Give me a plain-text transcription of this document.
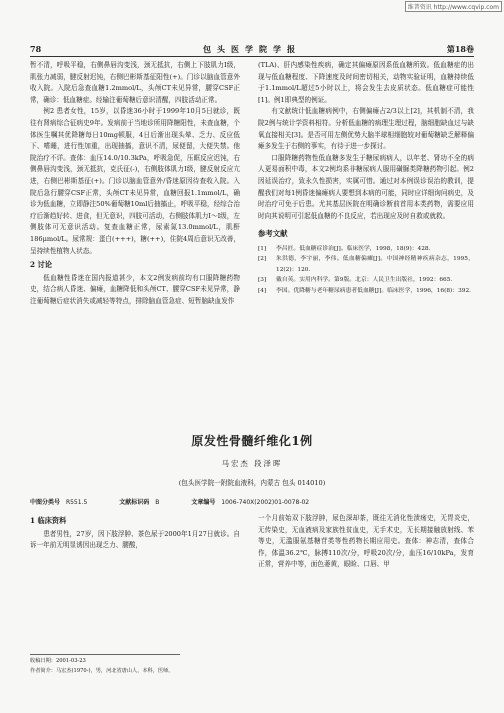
维普资讯 http://www.cqvip.com
78	包头医学院学报	第18卷

暂不清，呼吸平稳，右侧鼻唇沟变浅，颈无抵抗，右侧上下肢肌力Ⅰ级，肌张力减弱，腱反射迟钝，右侧巴彬斯基征阳性(+)。门诊以脑血管意外收入院。入院后急查血糖1.2mmol/L，头颅CT未见异常，腰穿CSF正常，确诊：低血糖症。经输注葡萄糖后意识清醒，四肢活动正常。

例2 患者女性，15岁，以昏迷36小时于1999年10月5日就诊，既往有肾病综合征病史9年。发病前于当地诊所用降糖阳性，未查血糖，个体医生嘱其优降糖每日10mg顿服，4日后渐出现头晕、乏力、反应低下、嗜睡，进行性加重，出现抽搐，意识不清，尿便留，大便失禁。他院治疗不详。查体：血压14.0/10.3kPa，呼吸急促，压眶反应迟钝，右侧鼻唇沟变浅，颈无抵抗，克氏征(-)，右侧肢体肌力Ⅰ级，腱反射反应亢进，右侧巴彬斯基征(+)。门诊以脑血管意外/昏迷原因待查收入院。入院后急行腰穿CSF正常，头颅CT未见异常，血糖回报1.1mmol/L，确诊为低血糖，立即静注50%葡萄糖10ml后抽搐止，呼吸平稳，经综合治疗后渐趋好转、进食，但无意识，四肢可活动，右侧肢体肌力Ⅰ～Ⅰ级，左侧肢体可无意识活动。复查血糖正常，尿素氮13.0mmol/L，肌酐186μmol/L。尿常规：蛋白(+++)，糖(++)，住院4周后意识无改善，呈持续性植物人状态。

2 讨论

低血糖性昏迷在国内报道甚少，本文2例发病前均有口服降糖药物史，结合病人昏迷、偏瘫，血糖降低和头颅CT、腰穿CSF未见异常，静注葡萄糖后症状消失或减轻等特点，排除脑血管急症、短暂脑缺血发作

(TLA)、肝内感染性疾病，确定其偏瘫原因系低血糖所致。低血糖症的出现与低血糖程度、下降速度及时间密切相关，动物实验证明，血糖持续低于1.1mmol/L超过5小时以上，将会发生去皮质状态。低血糖症可能性[1]。例1即典型的例证。

有文献统计低血糖病例中，右侧偏瘫占2/3以上[2]，其机制不清，我院2例与统计学资料相符。分析低血糖的病理生理过程，脑细胞缺血过与缺氧直接相关[3]。是否可用左侧优势大脑半球相细胞较对葡萄糖缺乏解释偏瘫多发生于右侧的事实，有待于进一步探讨。

口服降糖药物性低血糖多发生于糖尿病病人，以年老、肾功不全的病人更易面积中毒，本文2例均系非糖尿病人服用磺脲类降糖药物引起。例2因延误治疗，致永久性损害，实属可惜。通过对本例误诊误治的教训，提醒我们对每1例昏迷偏瘫病人要想到本病的可能，同时应详细询问病史，及时治疗可免于后患。尤其基层医院在明确诊断前首用本类药物，需要应用时向其说明可引起低血糖的不良反应，若出现应及时自救或就救。

参考文献
[1]	李昌匠。低血糖症诊治[J]。临床医学，1998，18(9)：428.
[2]	朱洪德，李宇丽，李伟。低血糖偏瘫[J]。中国神经精神疾病杂志，1995，12(2)：120.
[3]	戴自英。实用内科学。第9版。北京：人民卫生出版社，1992：665.
[4]	李国。优降糖与老年糖尿病患者低血糖[J]。临床医学，1996，16(8)：392.
原发性骨髓纤维化1例
马宏杰 段泽晖
(包头医学院一附院血液科，内蒙古 包头 014010)
中图分类号 R551.5	文献标识码 B	文章编号 1006-740X(2002)01-0078-02
1 临床资料

患者男性，27岁，因下肢浮肿、茶色尿于2000年1月27日就诊。自诉一年前无明显诱因出现乏力、腰酸，

一个月前始双下肢浮肿，尿色深却茶，既往无消化性溃疡史，无胃炎史，无传染史，无血液病及家族性贫血史，无手术史，无长期接触放射线、苯等史，无滥服氨基糖苷类等性药物长期应用史。查体：神志清，查体合作，体温36.2℃，脉搏110次/分，呼吸20次/分，血压16/10kPa，发育正常，营养中等，面色萎黄，眼睑、口唇、甲

收稿日期：2001-03-23
作者简介：马宏杰(1970-)，男，河北省唐山人，本科，医师。
